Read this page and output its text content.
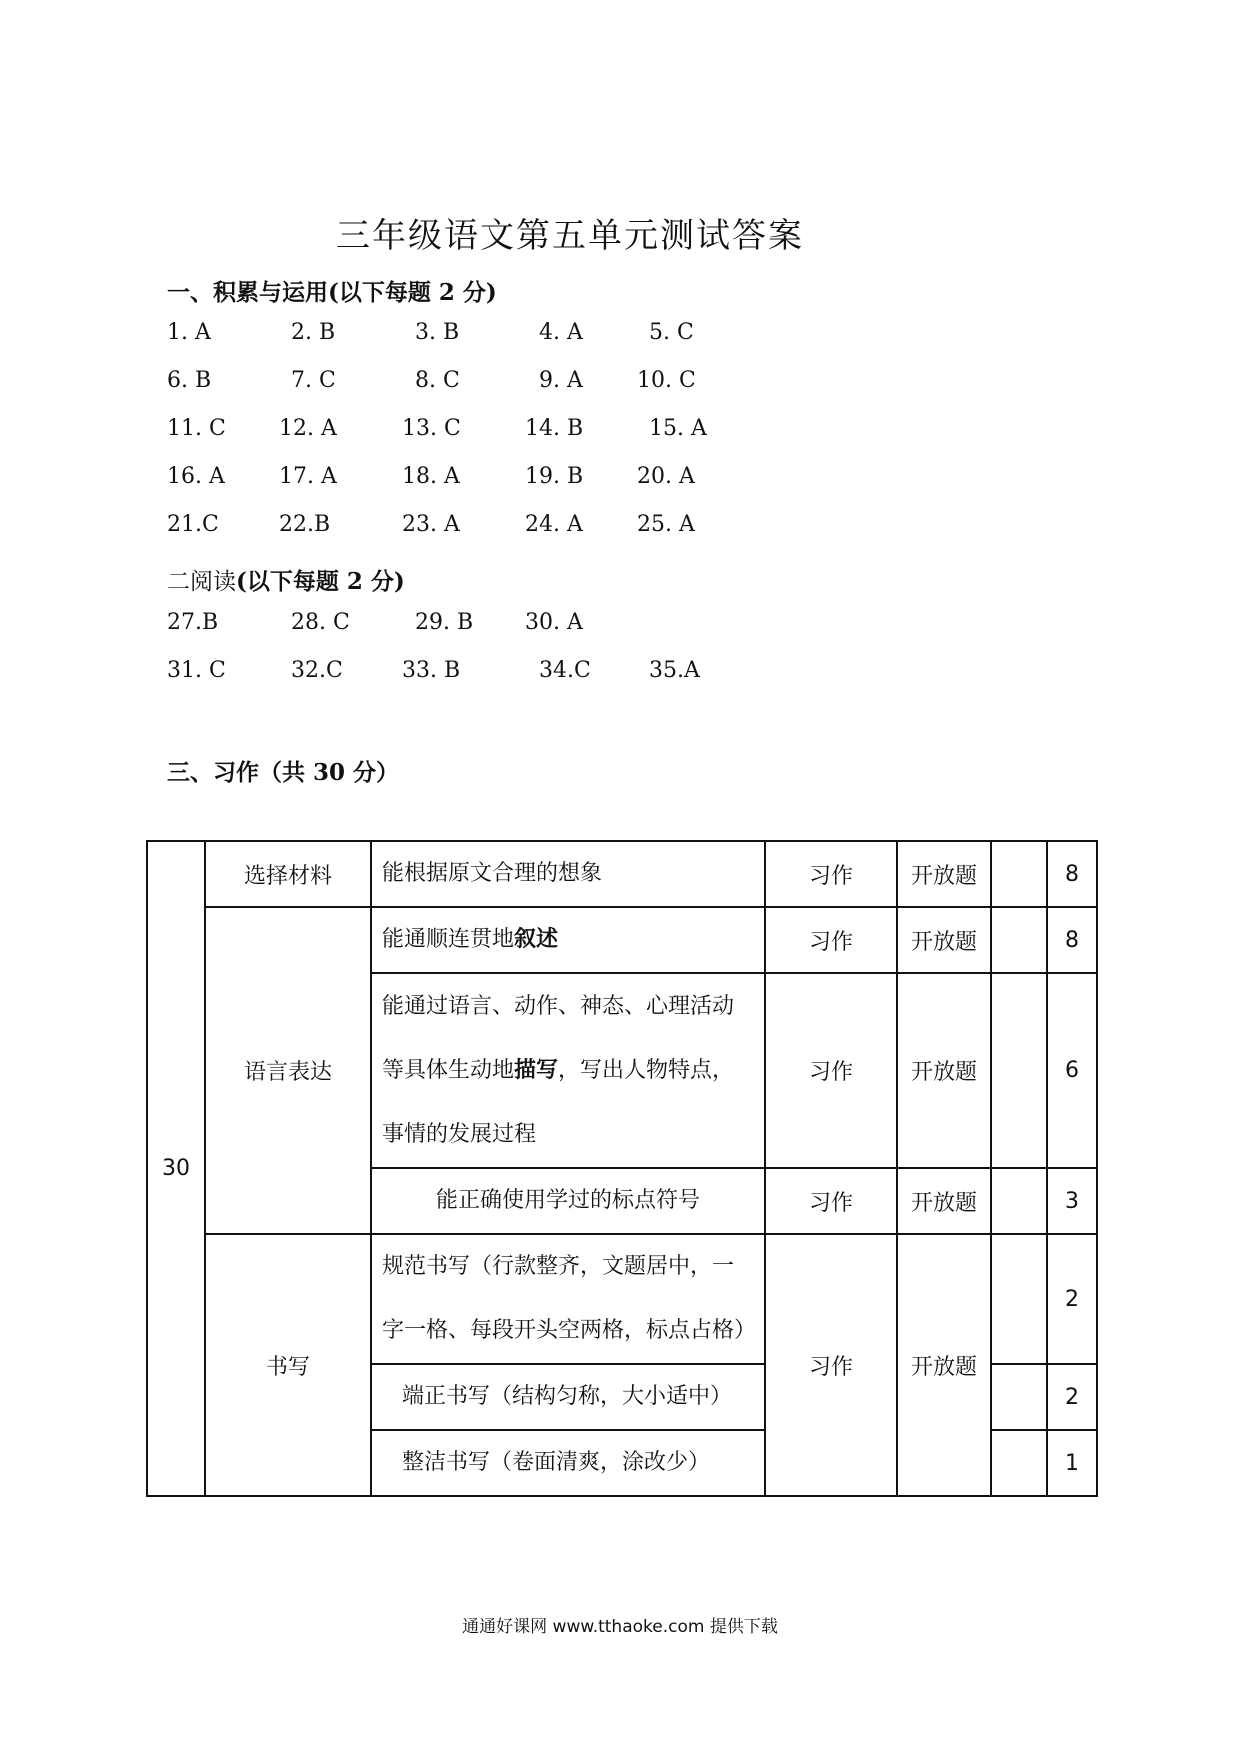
三年级语文第五单元测试答案
一、积累与运用(以下每题 2 分)
1. A	2. B	3. B	4. A	5. C
6. B	7. C	8. C	9. A 10. C
11. C 12. A	13. C	14. B	15. A
16. A 17. A	18. A	19. B 20. A
21.C	22.B	23. A	24. A 25. A
二阅读(以下每题 2 分)
27.B	28. C	29. B 30. A
31. C	32.C	33. B	34.C	35.A
三、习作（共 30 分）
30	选择材料	能根据原文合理的想象	习作	开放题		8
	语言表达	能通顺连贯地叙述	习作	开放题		8
		能通过语言、动作、神态、心理活动等具体生动地描写，写出人物特点，事情的发展过程	习作	开放题		6
		能正确使用学过的标点符号	习作	开放题		3
	书写	规范书写（行款整齐，文题居中，一字一格、每段开头空两格，标点占格）	习作	开放题		2
		端正书写（结构匀称，大小适中）				2
		整洁书写（卷面清爽，涂改少）				1
通通好课网 www.tthaoke.com 提供下载
